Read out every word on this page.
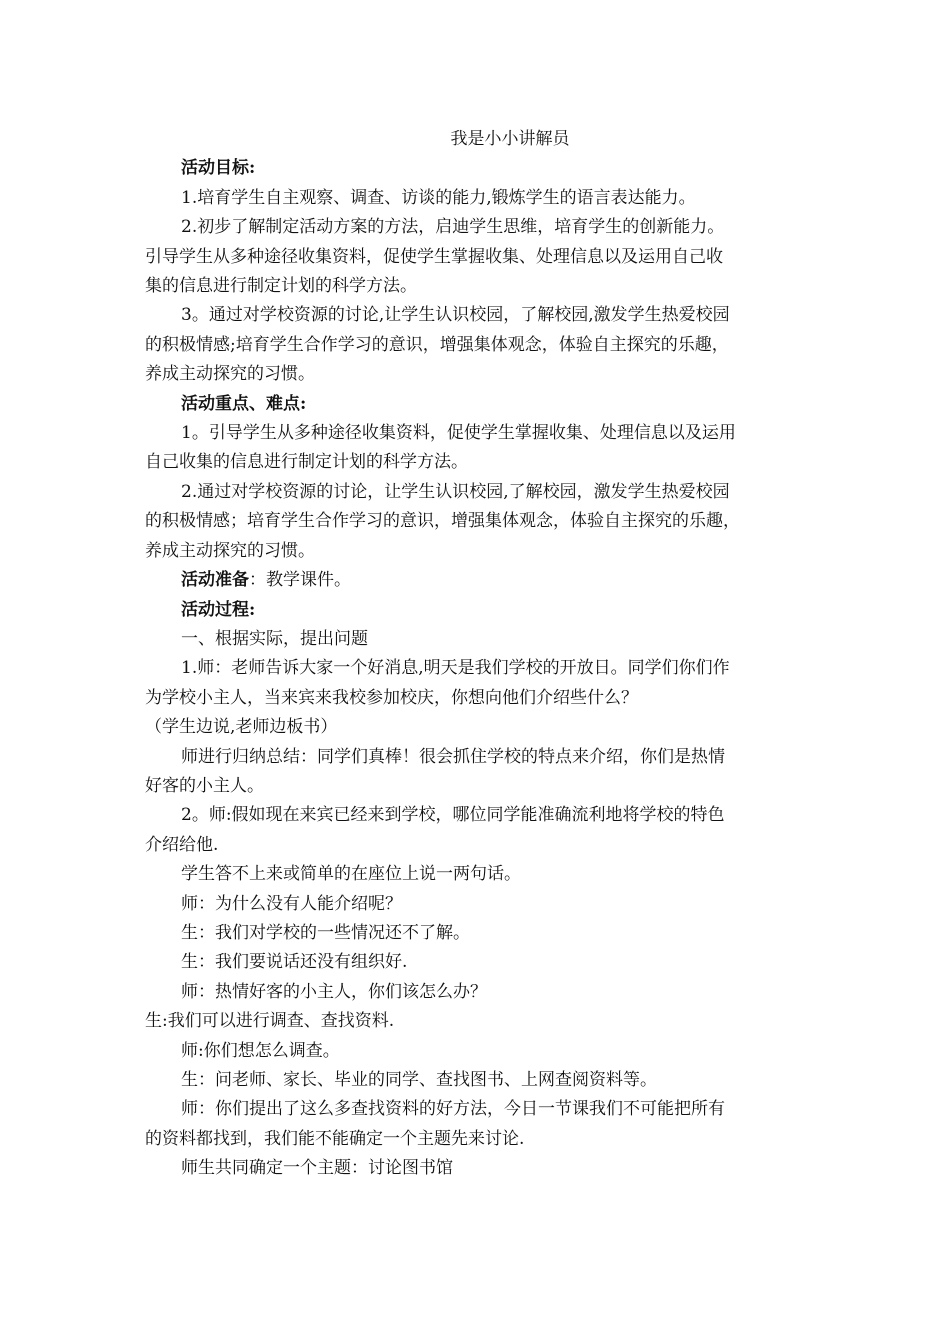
我是小小讲解员
活动目标:
1.培育学生自主观察、调查、访谈的能力,锻炼学生的语言表达能力。
2.初步了解制定活动方案的方法，启迪学生思维，培育学生的创新能力。
引导学生从多种途径收集资料，促使学生掌握收集、处理信息以及运用自己收
集的信息进行制定计划的科学方法。
3。通过对学校资源的讨论,让学生认识校园，了解校园,激发学生热爱校园
的积极情感;培育学生合作学习的意识，增强集体观念，体验自主探究的乐趣，
养成主动探究的习惯。
活动重点、难点:
1。引导学生从多种途径收集资料，促使学生掌握收集、处理信息以及运用
自己收集的信息进行制定计划的科学方法。
2.通过对学校资源的讨论，让学生认识校园,了解校园，激发学生热爱校园
的积极情感；培育学生合作学习的意识，增强集体观念，体验自主探究的乐趣，
养成主动探究的习惯。
活动准备：教学课件。
活动过程:
一、根据实际，提出问题
1.师：老师告诉大家一个好消息,明天是我们学校的开放日。同学们你们作
为学校小主人，当来宾来我校参加校庆，你想向他们介绍些什么？
（学生边说,老师边板书）
师进行归纳总结：同学们真棒！很会抓住学校的特点来介绍，你们是热情
好客的小主人。
2。师:假如现在来宾已经来到学校，哪位同学能准确流利地将学校的特色
介绍给他.
学生答不上来或简单的在座位上说一两句话。
师：为什么没有人能介绍呢？
生：我们对学校的一些情况还不了解。
生：我们要说话还没有组织好.
师：热情好客的小主人，你们该怎么办？
生:我们可以进行调查、查找资料.
师:你们想怎么调查。
生：问老师、家长、毕业的同学、查找图书、上网查阅资料等。
师：你们提出了这么多查找资料的好方法，今日一节课我们不可能把所有
的资料都找到，我们能不能确定一个主题先来讨论.
师生共同确定一个主题：讨论图书馆
